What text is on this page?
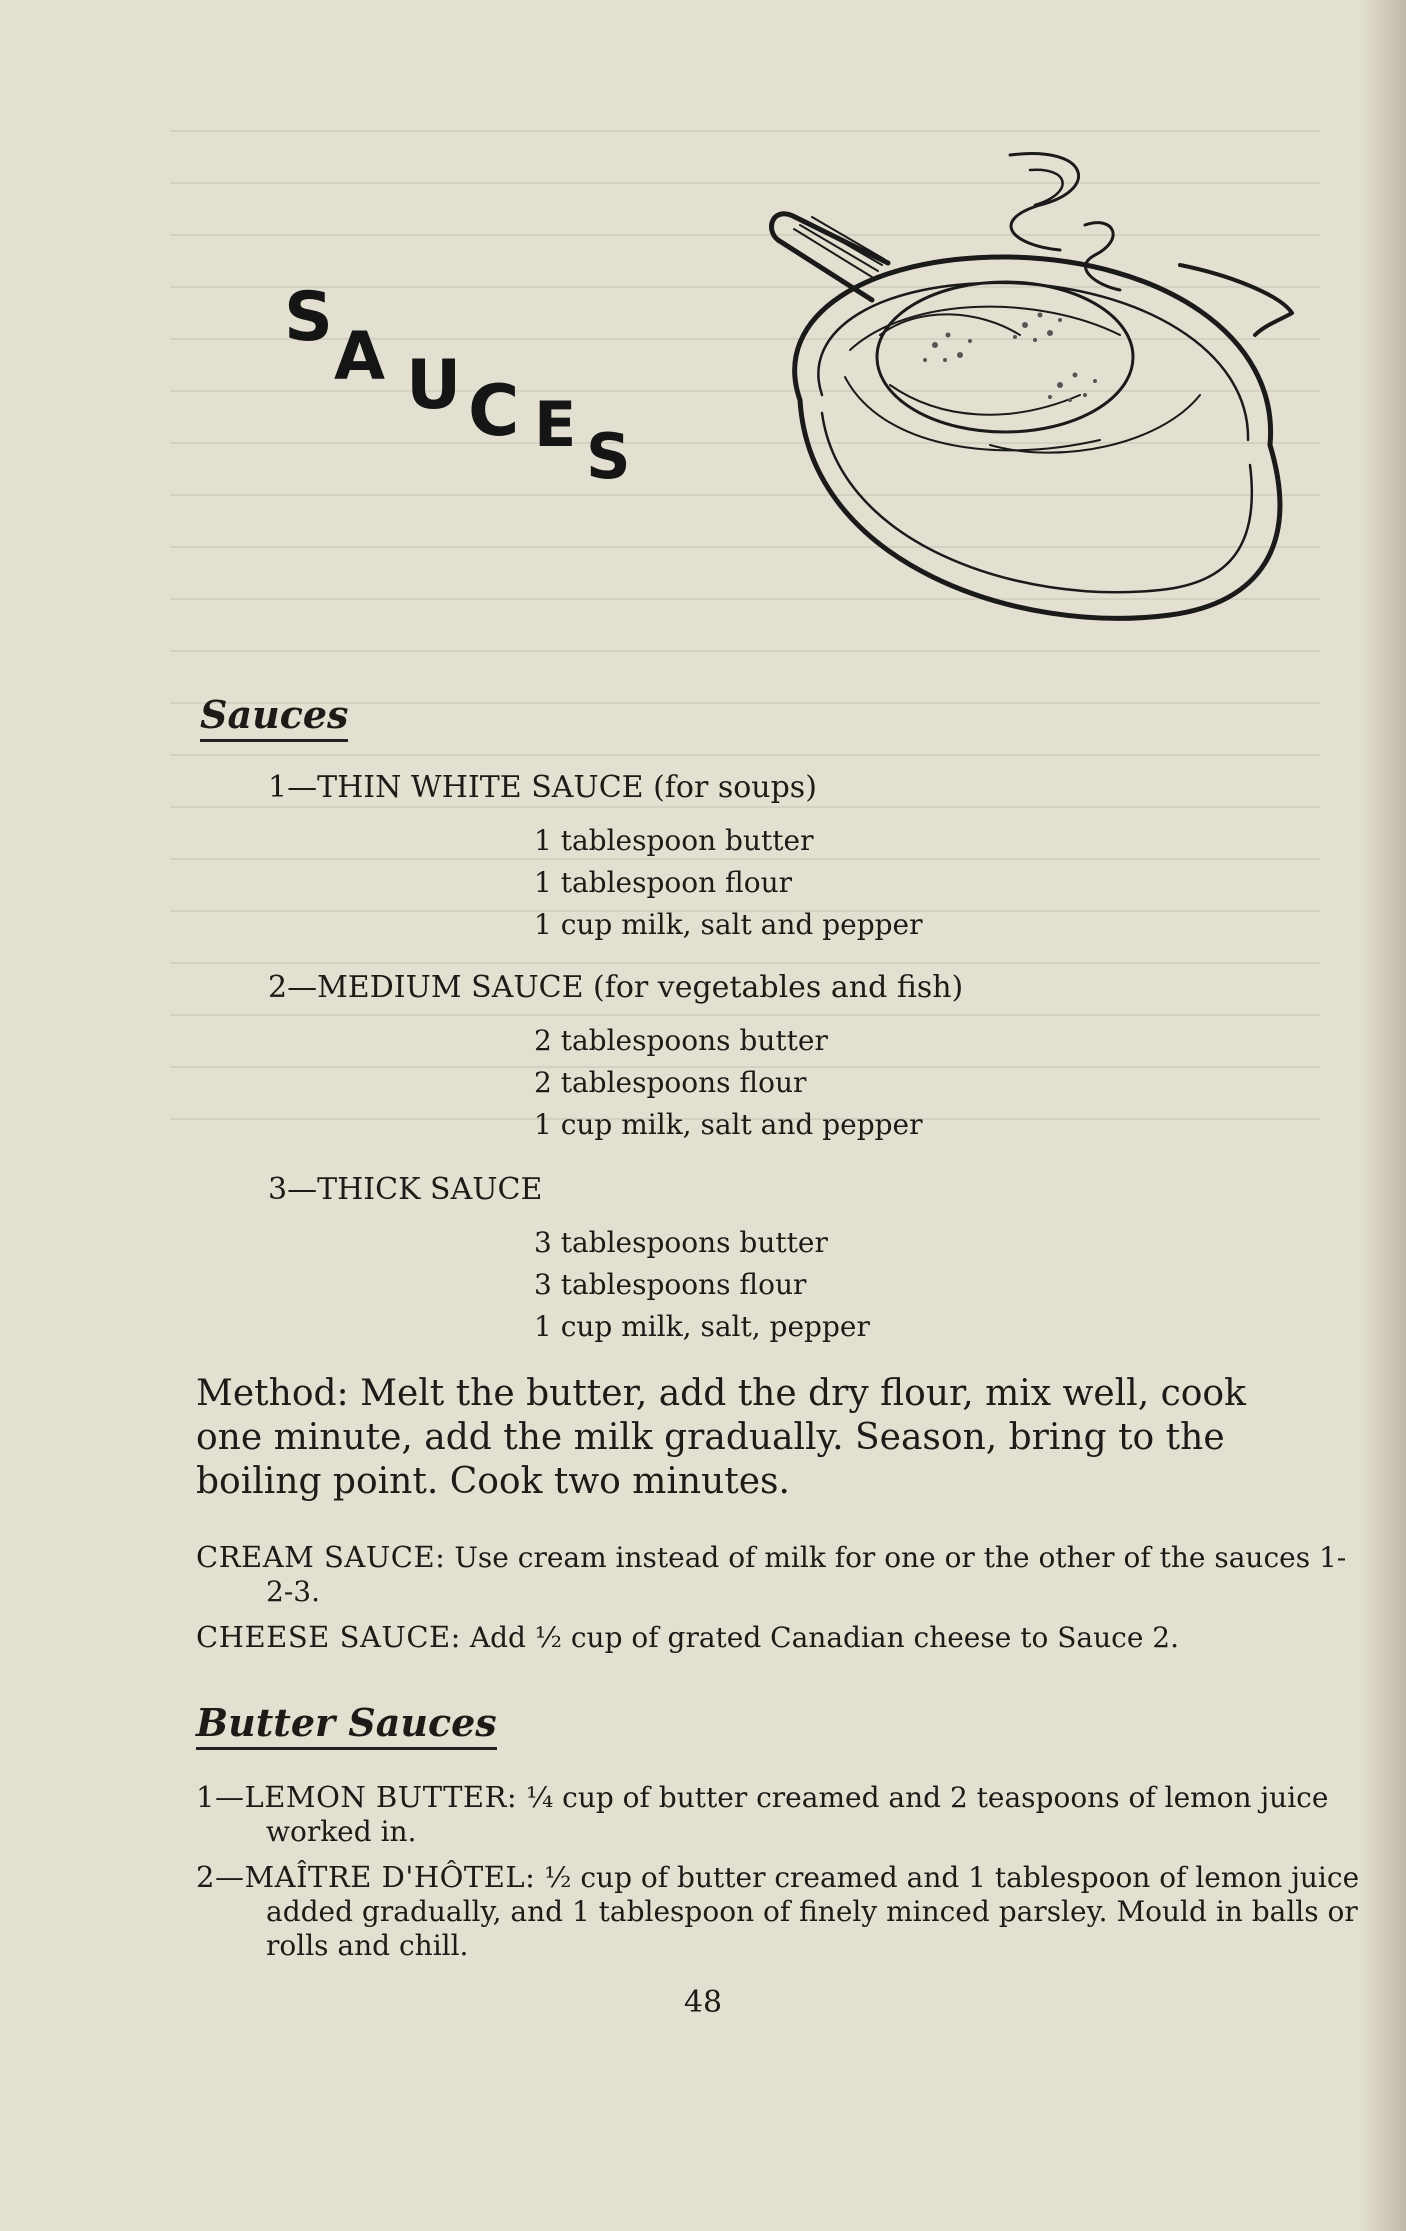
S A U C E S
Sauces
1—THIN WHITE SAUCE (for soups)
1 tablespoon butter
1 tablespoon flour
1 cup milk, salt and pepper
2—MEDIUM SAUCE (for vegetables and fish)
2 tablespoons butter
2 tablespoons flour
1 cup milk, salt and pepper
3—THICK SAUCE
3 tablespoons butter
3 tablespoons flour
1 cup milk, salt, pepper

Method: Melt the butter, add the dry flour, mix well, cook one minute, add the milk gradually. Season, bring to the boiling point. Cook two minutes.

CREAM SAUCE: Use cream instead of milk for one or the other of the sauces 1-2-3.

CHEESE SAUCE: Add ½ cup of grated Canadian cheese to Sauce 2.

Butter Sauces

1—LEMON BUTTER: ¼ cup of butter creamed and 2 teaspoons of lemon juice worked in.

2—MAÎTRE D'HÔTEL: ½ cup of butter creamed and 1 tablespoon of lemon juice added gradually, and 1 tablespoon of finely minced parsley. Mould in balls or rolls and chill.

48
